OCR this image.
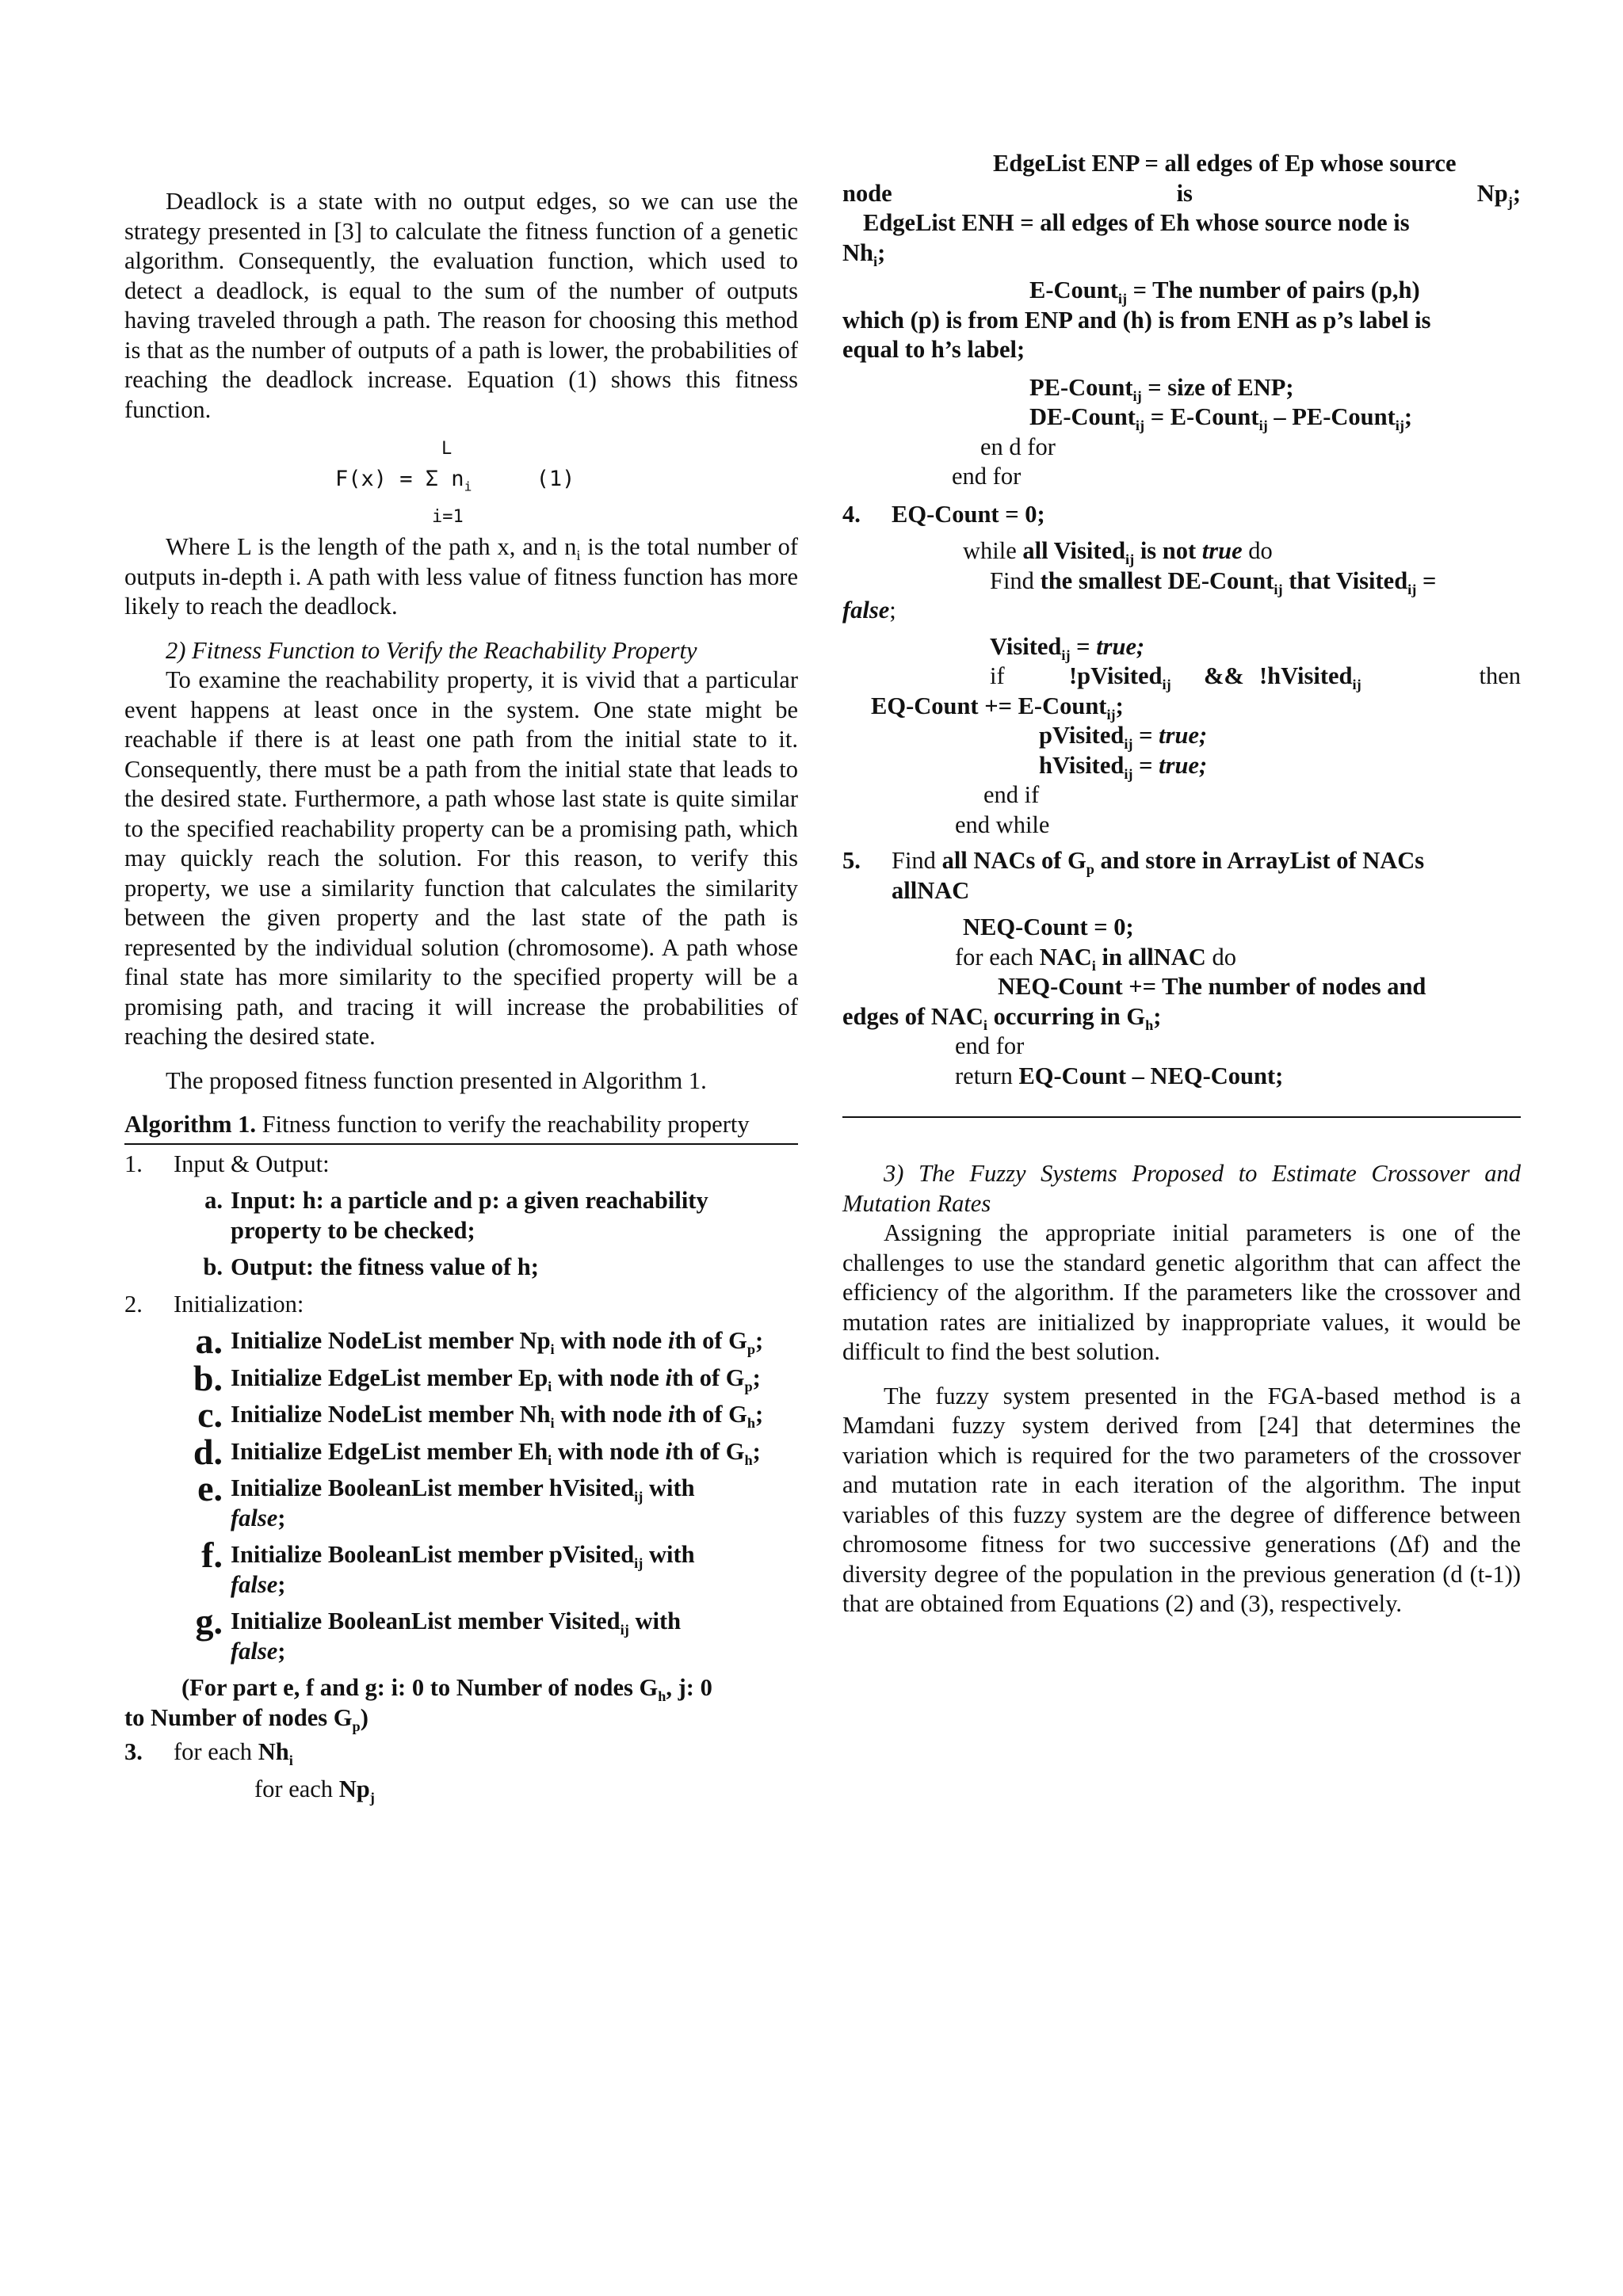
Deadlock is a state with no output edges, so we can use the strategy presented in [3] to calculate the fitness function of a genetic algorithm. Consequently, the evaluation function, which used to detect a deadlock, is equal to the sum of the number of outputs having traveled through a path. The reason for choosing this method is that as the number of outputs of a path is lower, the probabilities of reaching the deadlock increase. Equation (1) shows this fitness function.

L
F(x) = Σ $n_i$	(1)
i=1

Where L is the length of the path x, and $n_i$ is the total number of outputs in-depth i. A path with less value of fitness function has more likely to reach the deadlock.

2) Fitness Function to Verify the Reachability Property

To examine the reachability property, it is vivid that a particular event happens at least once in the system. One state might be reachable if there is at least one path from the initial state to it. Consequently, there must be a path from the initial state that leads to the desired state. Furthermore, a path whose last state is quite similar to the specified reachability property can be a promising path, which may quickly reach the solution. For this reason, to verify this property, we use a similarity function that calculates the similarity between the given property and the last state of the path is represented by the individual solution (chromosome). A path whose final state has more similarity to the specified property will be a promising path, and tracing it will increase the probabilities of reaching the desired state.

The proposed fitness function presented in Algorithm 1.

Algorithm 1. Fitness function to verify the reachability property

1.	Input & Output:
a. Input: h: a particle and p: a given reachability property to be checked;
b. Output: the fitness value of h;
2.	Initialization:
a. Initialize NodeList member $Np_i$ with node ith of $G_p$;
b. Initialize EdgeList member $Ep_i$ with node ith of $G_p$;
c. Initialize NodeList member $Nh_i$ with node ith of $G_h$;
d. Initialize EdgeList member $Eh_i$ with node ith of $G_h$;
e. Initialize BooleanList member hVisited$_{ij}$ with
false;
f. Initialize BooleanList member pVisited$_{ij}$ with
false;
g. Initialize BooleanList member Visited$_{ij}$ with
false;

(For part e, f and g: i: 0 to Number of nodes $G_h$, j: 0
to Number of nodes $G_p$)

3.	for each $Nh_i$

for each $Np_j$

EdgeList ENP = all edges of Ep whose source

node	is	$Np_j$;

EdgeList ENH = all edges of Eh whose source node is

$Nh_i$;

E-Count$_{ij}$ = The number of pairs (p,h)

which (p) is from ENP and (h) is from ENH as p’s label is

equal to h’s label;

PE-Count$_{ij}$ = size of ENP;

DE-Count$_{ij}$ = E-Count$_{ij}$ – PE-Count$_{ij}$;

en d for

end for

4.	EQ-Count = 0;

while all Visited$_{ij}$ is not true do

Find the smallest DE-Count$_{ij}$ that Visited$_{ij}$ =

false;

Visited$_{ij}$ = true;

if	!pVisited$_{ij}$	&& !hVisited$_{ij}$	then

EQ-Count += E-Count$_{ij}$;

pVisited$_{ij}$ = true;

hVisited$_{ij}$ = true;

end if

end while

5.	Find all NACs of $G_p$ and store in ArrayList of NACs
allNAC

NEQ-Count = 0;

for each $NAC_i$ in allNAC do

NEQ-Count += The number of nodes and

edges of $NAC_i$ occurring in $G_h$;

end for

return EQ-Count – NEQ-Count;

3) The Fuzzy Systems Proposed to Estimate Crossover and Mutation Rates

Assigning the appropriate initial parameters is one of the challenges to use the standard genetic algorithm that can affect the efficiency of the algorithm. If the parameters like the crossover and mutation rates are initialized by inappropriate values, it would be difficult to find the best solution.

The fuzzy system presented in the FGA-based method is a Mamdani fuzzy system derived from [24] that determines the variation which is required for the two parameters of the crossover and mutation rate in each iteration of the algorithm. The input variables of this fuzzy system are the degree of difference between chromosome fitness for two successive generations (Δf) and the diversity degree of the population in the previous generation (d (t-1)) that are obtained from Equations (2) and (3), respectively.
